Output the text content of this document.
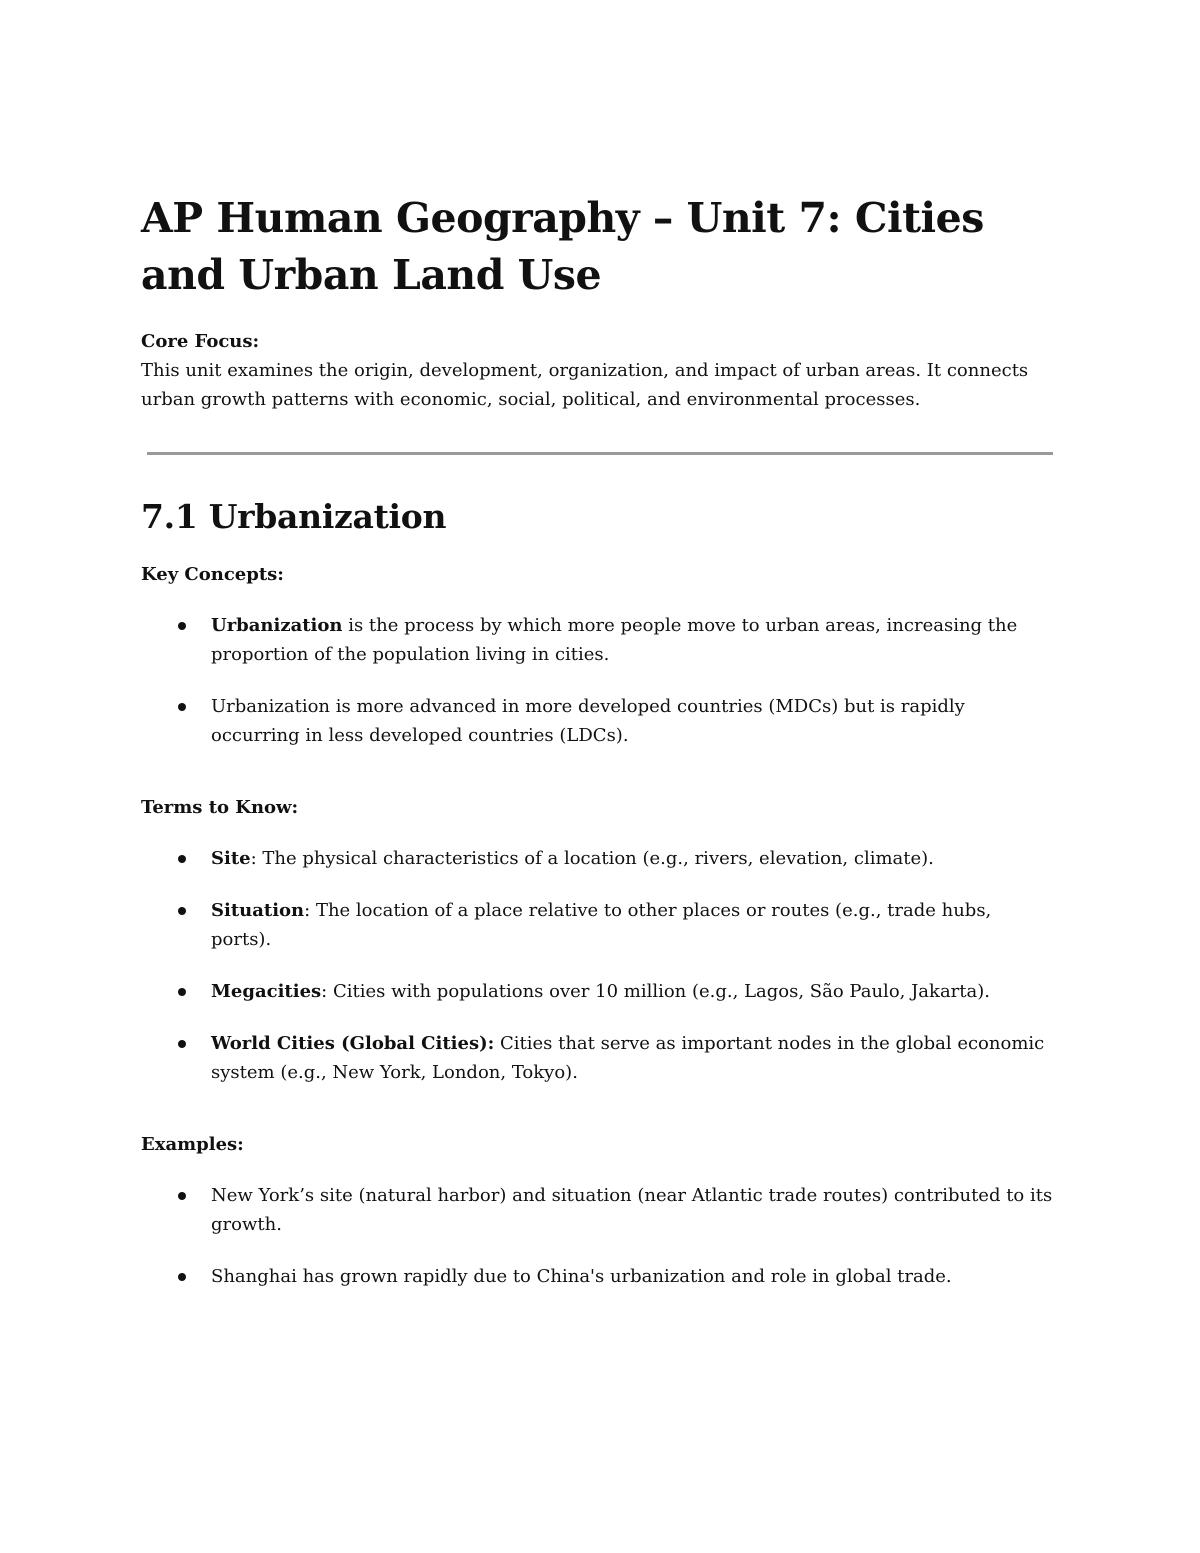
AP Human Geography – Unit 7: Cities and Urban Land Use

Core Focus:

This unit examines the origin, development, organization, and impact of urban areas. It connects urban growth patterns with economic, social, political, and environmental processes.

7.1 Urbanization

Key Concepts:

Urbanization is the process by which more people move to urban areas, increasing the proportion of the population living in cities.
Urbanization is more advanced in more developed countries (MDCs) but is rapidly occurring in less developed countries (LDCs).

Terms to Know:

Site: The physical characteristics of a location (e.g., rivers, elevation, climate).
Situation: The location of a place relative to other places or routes (e.g., trade hubs, ports).
Megacities: Cities with populations over 10 million (e.g., Lagos, São Paulo, Jakarta).
World Cities (Global Cities): Cities that serve as important nodes in the global economic system (e.g., New York, London, Tokyo).

Examples:

New York’s site (natural harbor) and situation (near Atlantic trade routes) contributed to its growth.
Shanghai has grown rapidly due to China's urbanization and role in global trade.
